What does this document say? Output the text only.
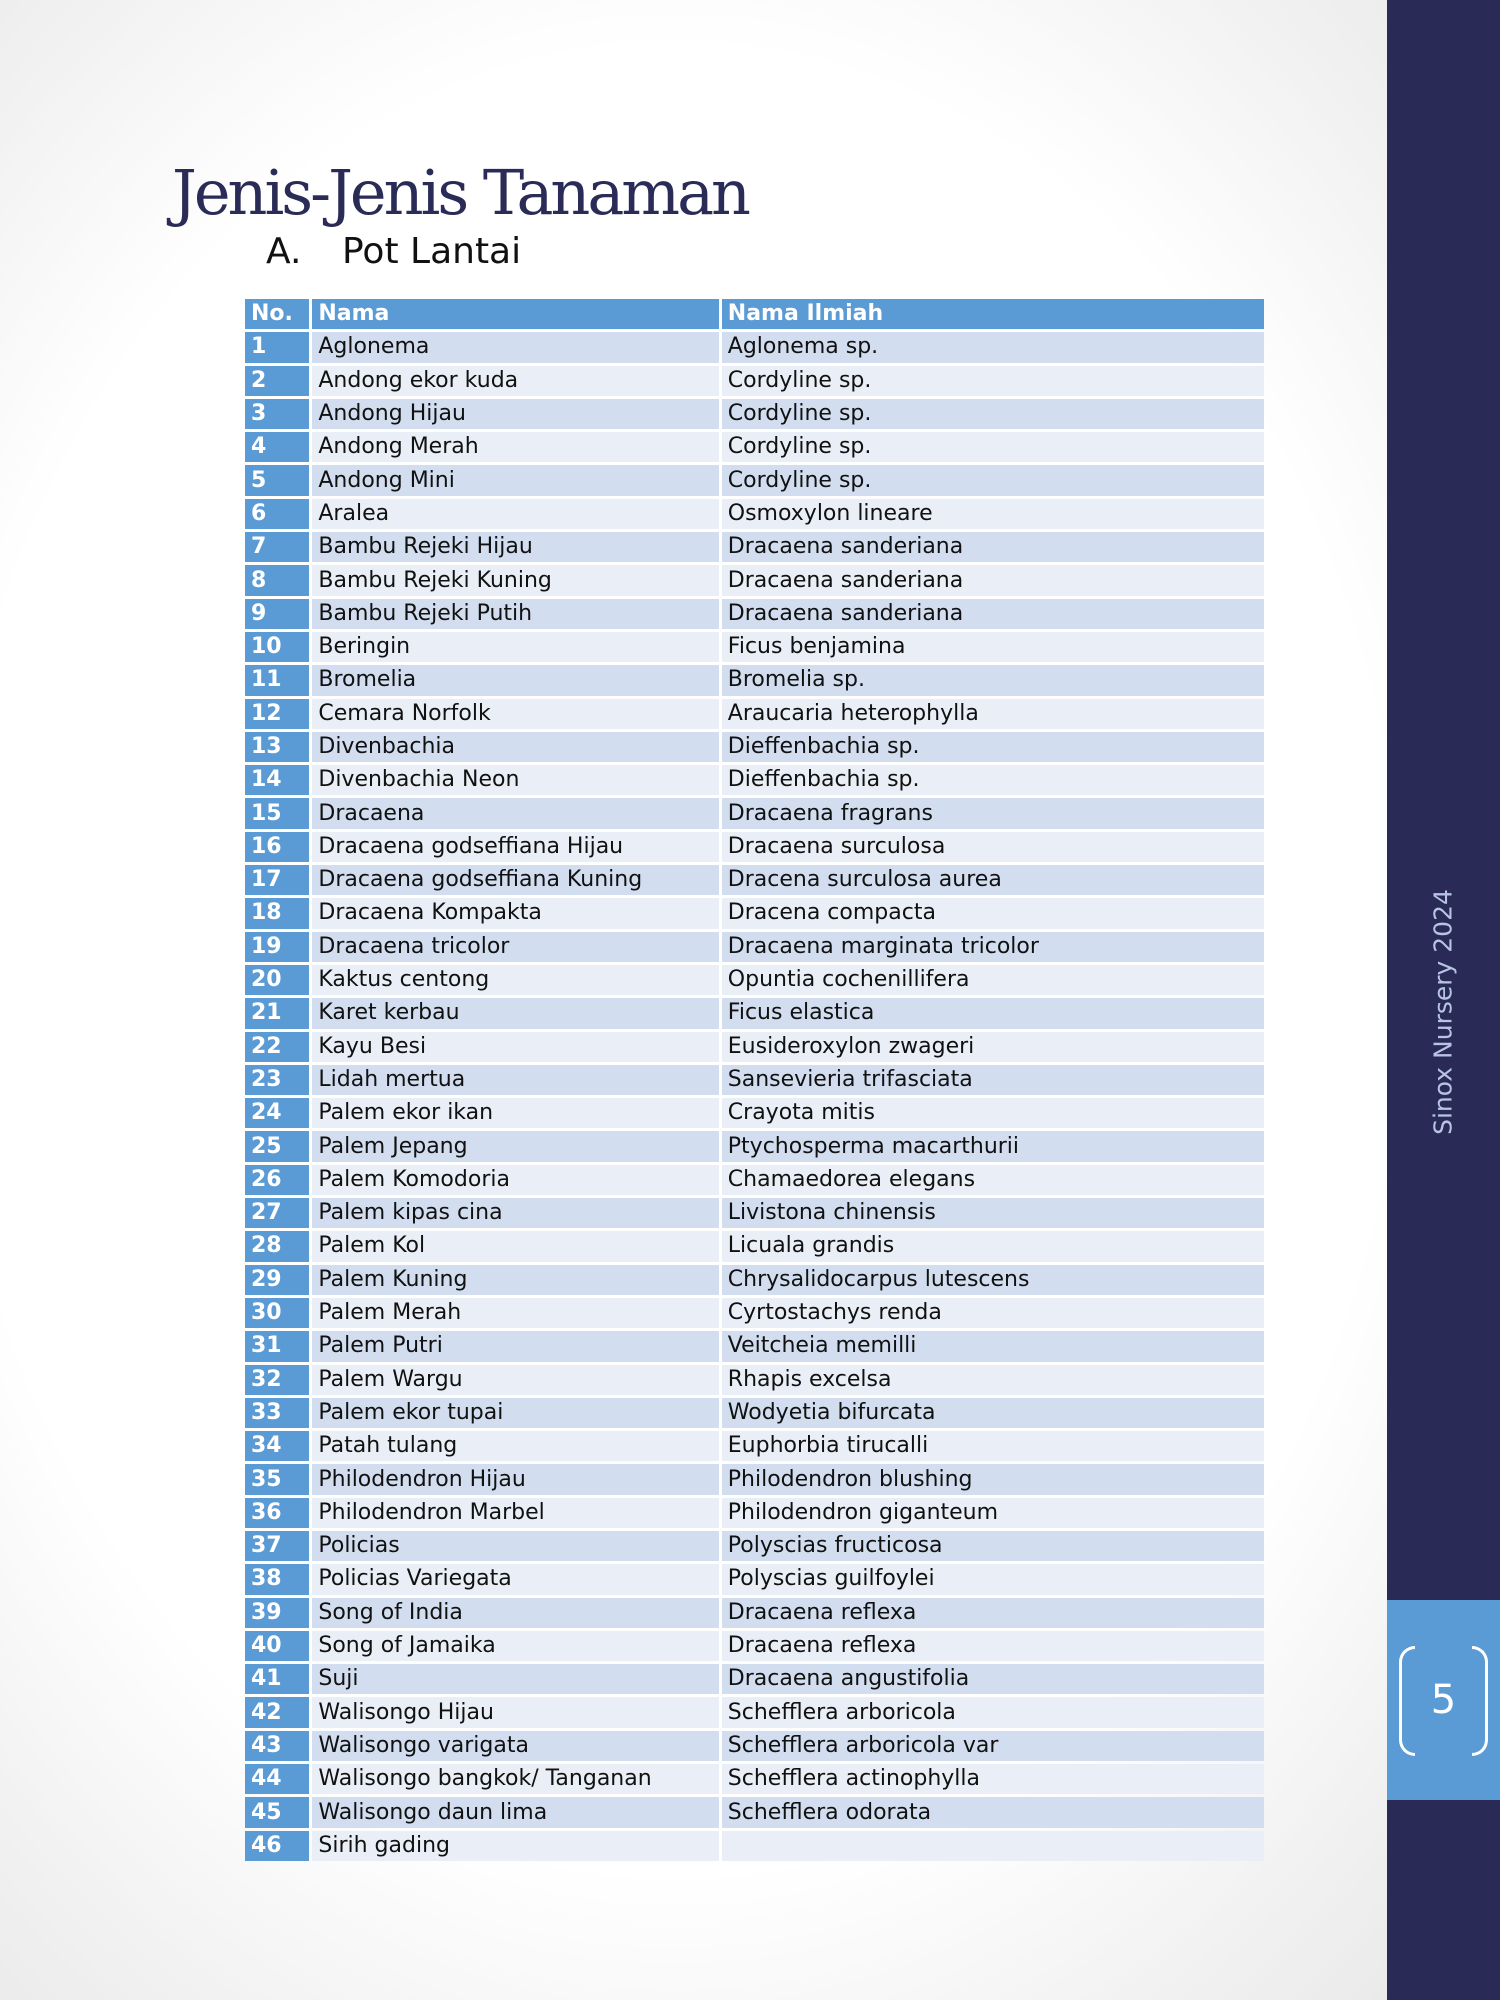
Jenis-Jenis Tanaman
A. Pot Lantai
No.	Nama	Nama Ilmiah
1	Aglonema	Aglonema sp.
2	Andong ekor kuda	Cordyline sp.
3	Andong Hijau	Cordyline sp.
4	Andong Merah	Cordyline sp.
5	Andong Mini	Cordyline sp.
6	Aralea	Osmoxylon lineare
7	Bambu Rejeki Hijau	Dracaena sanderiana
8	Bambu Rejeki Kuning	Dracaena sanderiana
9	Bambu Rejeki Putih	Dracaena sanderiana
10	Beringin	Ficus benjamina
11	Bromelia	Bromelia sp.
12	Cemara Norfolk	Araucaria heterophylla
13	Divenbachia	Dieffenbachia sp.
14	Divenbachia Neon	Dieffenbachia sp.
15	Dracaena	Dracaena fragrans
16	Dracaena godseffiana Hijau	Dracaena surculosa
17	Dracaena godseffiana Kuning	Dracena surculosa aurea
18	Dracaena Kompakta	Dracena compacta
19	Dracaena tricolor	Dracaena marginata tricolor
20	Kaktus centong	Opuntia cochenillifera
21	Karet kerbau	Ficus elastica
22	Kayu Besi	Eusideroxylon zwageri
23	Lidah mertua	Sansevieria trifasciata
24	Palem ekor ikan	Crayota mitis
25	Palem Jepang	Ptychosperma macarthurii
26	Palem Komodoria	Chamaedorea elegans
27	Palem kipas cina	Livistona chinensis
28	Palem Kol	Licuala grandis
29	Palem Kuning	Chrysalidocarpus lutescens
30	Palem Merah	Cyrtostachys renda
31	Palem Putri	Veitcheia memilli
32	Palem Wargu	Rhapis excelsa
33	Palem ekor tupai	Wodyetia bifurcata
34	Patah tulang	Euphorbia tirucalli
35	Philodendron Hijau	Philodendron blushing
36	Philodendron Marbel	Philodendron giganteum
37	Policias	Polyscias fructicosa
38	Policias Variegata	Polyscias guilfoylei
39	Song of India	Dracaena reflexa
40	Song of Jamaika	Dracaena reflexa
41	Suji	Dracaena angustifolia
42	Walisongo Hijau	Schefflera arboricola
43	Walisongo varigata	Schefflera arboricola var
44	Walisongo bangkok/ Tanganan	Schefflera actinophylla
45	Walisongo daun lima	Schefflera odorata
46	Sirih gading	
Sinox Nursery 2024
5
